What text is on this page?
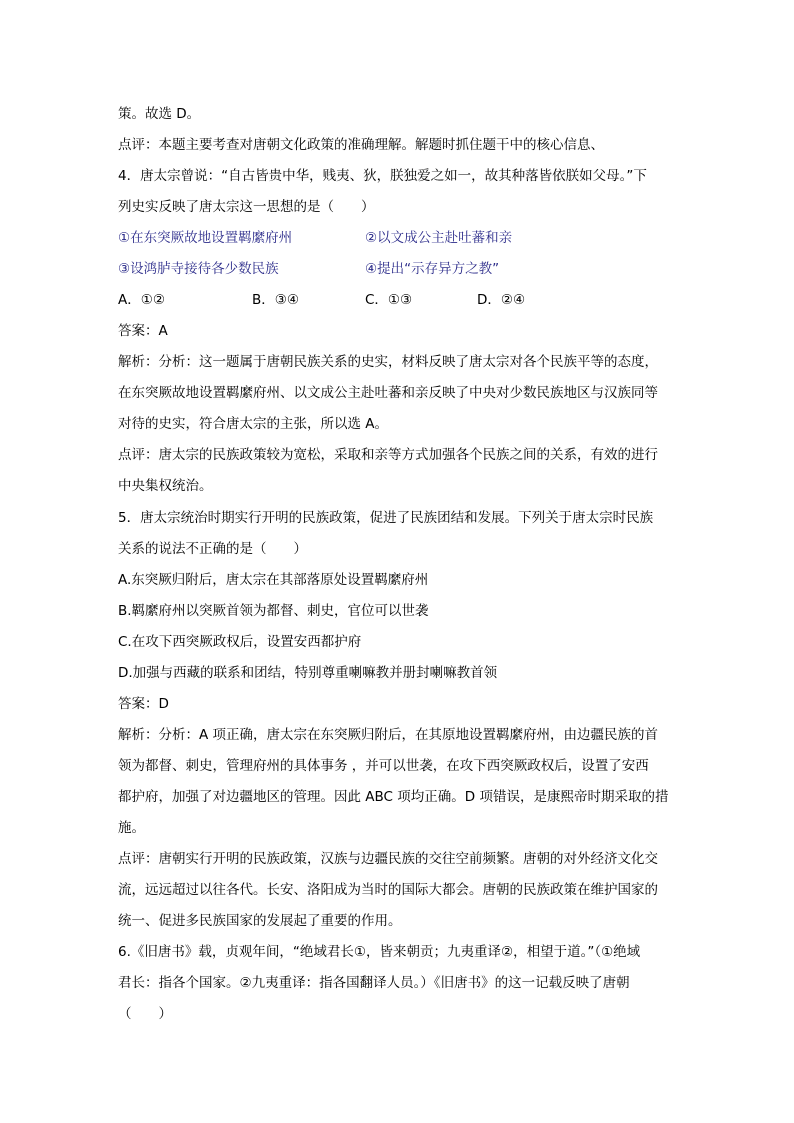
策。故选 D。
点评：本题主要考查对唐朝文化政策的准确理解。解题时抓住题干中的核心信息、
4．唐太宗曾说：“自古皆贵中华，贱夷、狄，朕独爱之如一，故其种落皆依朕如父母。”下
列史实反映了唐太宗这一思想的是（　　）
①在东突厥故地设置羁縻府州	②以文成公主赴吐蕃和亲
③设鸿胪寺接待各少数民族	④提出“示存异方之教”
A．①②	B．③④	C．①③	D．②④
答案：A
解析：分析：这一题属于唐朝民族关系的史实，材料反映了唐太宗对各个民族平等的态度，
在东突厥故地设置羁縻府州、以文成公主赴吐蕃和亲反映了中央对少数民族地区与汉族同等
对待的史实，符合唐太宗的主张，所以选 A。
点评：唐太宗的民族政策较为宽松，采取和亲等方式加强各个民族之间的关系，有效的进行
中央集权统治。
5．唐太宗统治时期实行开明的民族政策，促进了民族团结和发展。下列关于唐太宗时民族
关系的说法不正确的是（　　）
A.东突厥归附后，唐太宗在其部落原处设置羁縻府州
B.羁縻府州以突厥首领为都督、刺史，官位可以世袭
C.在攻下西突厥政权后，设置安西都护府
D.加强与西藏的联系和团结，特别尊重喇嘛教并册封喇嘛教首领
答案：D
解析：分析：A 项正确，唐太宗在东突厥归附后，在其原地设置羁縻府州，由边疆民族的首
领为都督、刺史，管理府州的具体事务 ，并可以世袭，在攻下西突厥政权后，设置了安西
都护府，加强了对边疆地区的管理。因此 ABC 项均正确。D 项错误，是康熙帝时期采取的措
施。
点评：唐朝实行开明的民族政策，汉族与边疆民族的交往空前频繁。唐朝的对外经济文化交
流，远远超过以往各代。长安、洛阳成为当时的国际大都会。唐朝的民族政策在维护国家的
统一、促进多民族国家的发展起了重要的作用。
6.《旧唐书》载，贞观年间，“绝域君长①，皆来朝贡；九夷重译②，相望于道。”（①绝域
君长：指各个国家。②九夷重译：指各国翻译人员。）《旧唐书》的这一记载反映了唐朝
（　　）
